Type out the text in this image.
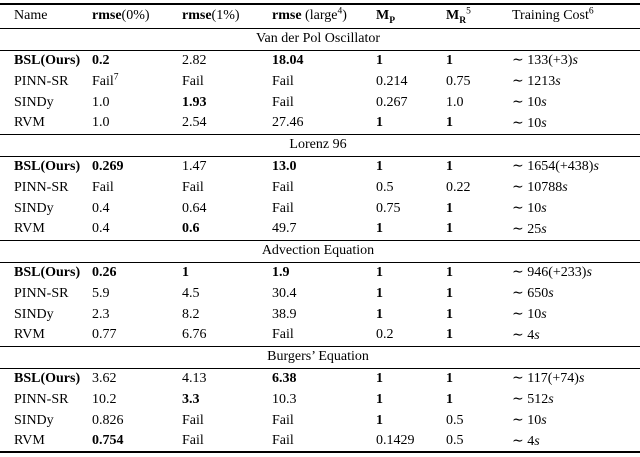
Name	rmse(0%)	rmse(1%)	rmse (large$^4$)	$M_P$	$M_R^5$	Training Cost$^6$
Van der Pol Oscillator						
BSL(Ours)	0.2	2.82	18.04	1	1	∼ 133(+3)s
PINN-SR	Fail$^7$	Fail	Fail	0.214	0.75	∼ 1213s
SINDy	1.0	1.93	Fail	0.267	1.0	∼ 10s
RVM	1.0	2.54	27.46	1	1	∼ 10s
Lorenz 96						
BSL(Ours)	0.269	1.47	13.0	1	1	∼ 1654(+438)s
PINN-SR	Fail	Fail	Fail	0.5	0.22	∼ 10788s
SINDy	0.4	0.64	Fail	0.75	1	∼ 10s
RVM	0.4	0.6	49.7	1	1	∼ 25s
Advection Equation						
BSL(Ours)	0.26	1	1.9	1	1	∼ 946(+233)s
PINN-SR	5.9	4.5	30.4	1	1	∼ 650s
SINDy	2.3	8.2	38.9	1	1	∼ 10s
RVM	0.77	6.76	Fail	0.2	1	∼ 4s
Burgers’ Equation						
BSL(Ours)	3.62	4.13	6.38	1	1	∼ 117(+74)s
PINN-SR	10.2	3.3	10.3	1	1	∼ 512s
SINDy	0.826	Fail	Fail	1	0.5	∼ 10s
RVM	0.754	Fail	Fail	0.1429	0.5	∼ 4s
